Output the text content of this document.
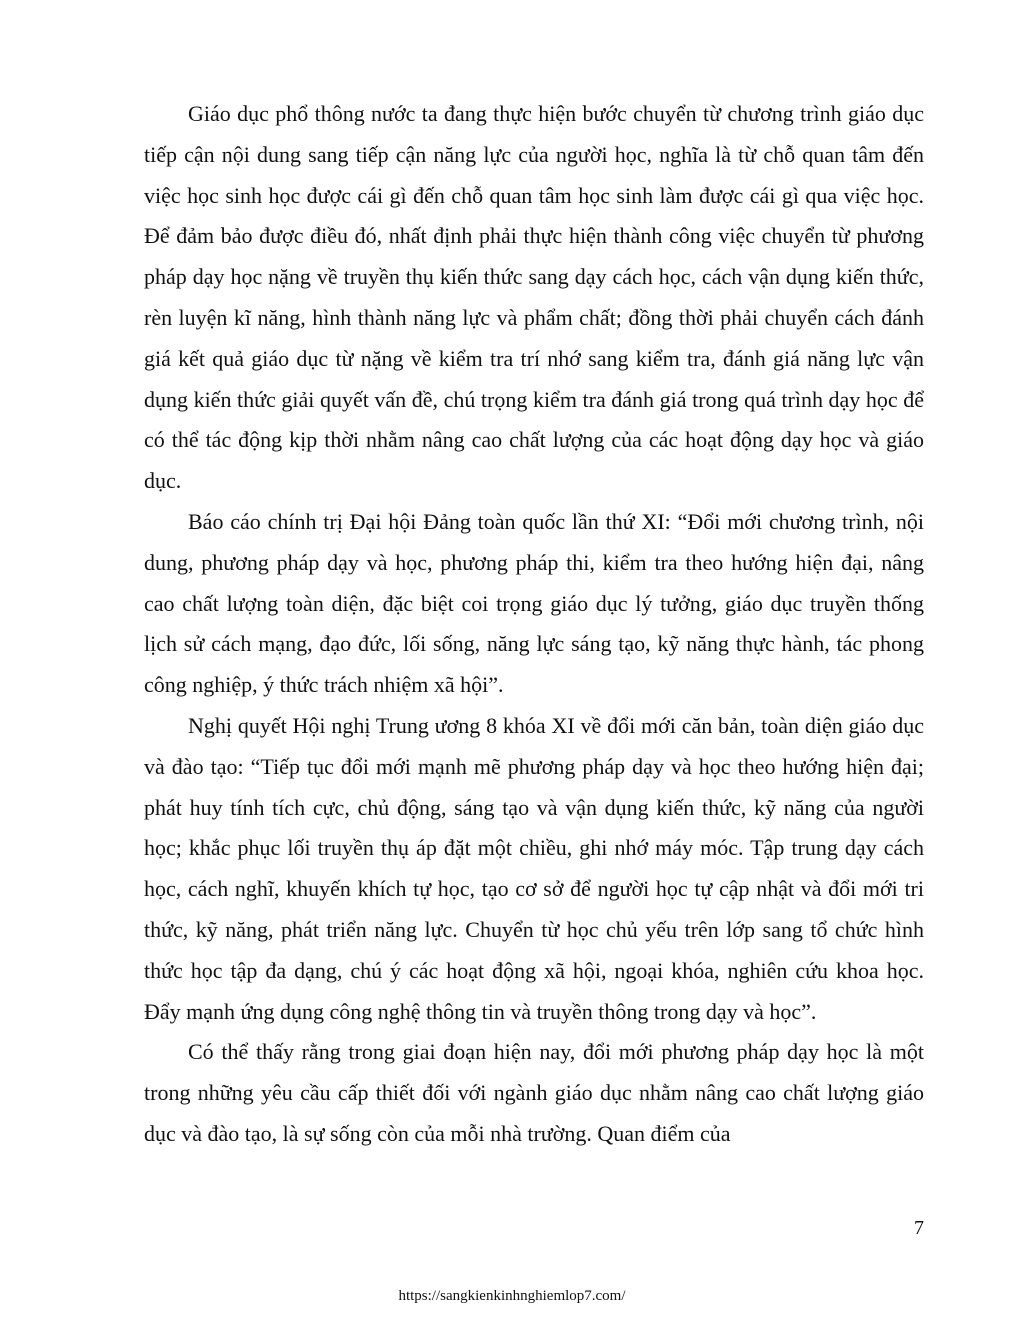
Giáo dục phổ thông nước ta đang thực hiện bước chuyển từ chương trình giáo dục tiếp cận nội dung sang tiếp cận năng lực của người học, nghĩa là từ chỗ quan tâm đến việc học sinh học được cái gì đến chỗ quan tâm học sinh làm được cái gì qua việc học. Để đảm bảo được điều đó, nhất định phải thực hiện thành công việc chuyển từ phương pháp dạy học nặng về truyền thụ kiến thức sang dạy cách học, cách vận dụng kiến thức, rèn luyện kĩ năng, hình thành năng lực và phẩm chất; đồng thời phải chuyển cách đánh giá kết quả giáo dục từ nặng về kiểm tra trí nhớ sang kiểm tra, đánh giá năng lực vận dụng kiến thức giải quyết vấn đề, chú trọng kiểm tra đánh giá trong quá trình dạy học để có thể tác động kịp thời nhằm nâng cao chất lượng của các hoạt động dạy học và giáo dục.

Báo cáo chính trị Đại hội Đảng toàn quốc lần thứ XI: “Đổi mới chương trình, nội dung, phương pháp dạy và học, phương pháp thi, kiểm tra theo hướng hiện đại, nâng cao chất lượng toàn diện, đặc biệt coi trọng giáo dục lý tưởng, giáo dục truyền thống lịch sử cách mạng, đạo đức, lối sống, năng lực sáng tạo, kỹ năng thực hành, tác phong công nghiệp, ý thức trách nhiệm xã hội”.

Nghị quyết Hội nghị Trung ương 8 khóa XI về đổi mới căn bản, toàn diện giáo dục và đào tạo: “Tiếp tục đổi mới mạnh mẽ phương pháp dạy và học theo hướng hiện đại; phát huy tính tích cực, chủ động, sáng tạo và vận dụng kiến thức, kỹ năng của người học; khắc phục lối truyền thụ áp đặt một chiều, ghi nhớ máy móc. Tập trung dạy cách học, cách nghĩ, khuyến khích tự học, tạo cơ sở để người học tự cập nhật và đổi mới tri thức, kỹ năng, phát triển năng lực. Chuyển từ học chủ yếu trên lớp sang tổ chức hình thức học tập đa dạng, chú ý các hoạt động xã hội, ngoại khóa, nghiên cứu khoa học. Đẩy mạnh ứng dụng công nghệ thông tin và truyền thông trong dạy và học”.

Có thể thấy rằng trong giai đoạn hiện nay, đổi mới phương pháp dạy học là một trong những yêu cầu cấp thiết đối với ngành giáo dục nhằm nâng cao chất lượng giáo dục và đào tạo, là sự sống còn của mỗi nhà trường. Quan điểm của

7
https://sangkienkinhnghiemlop7.com/
